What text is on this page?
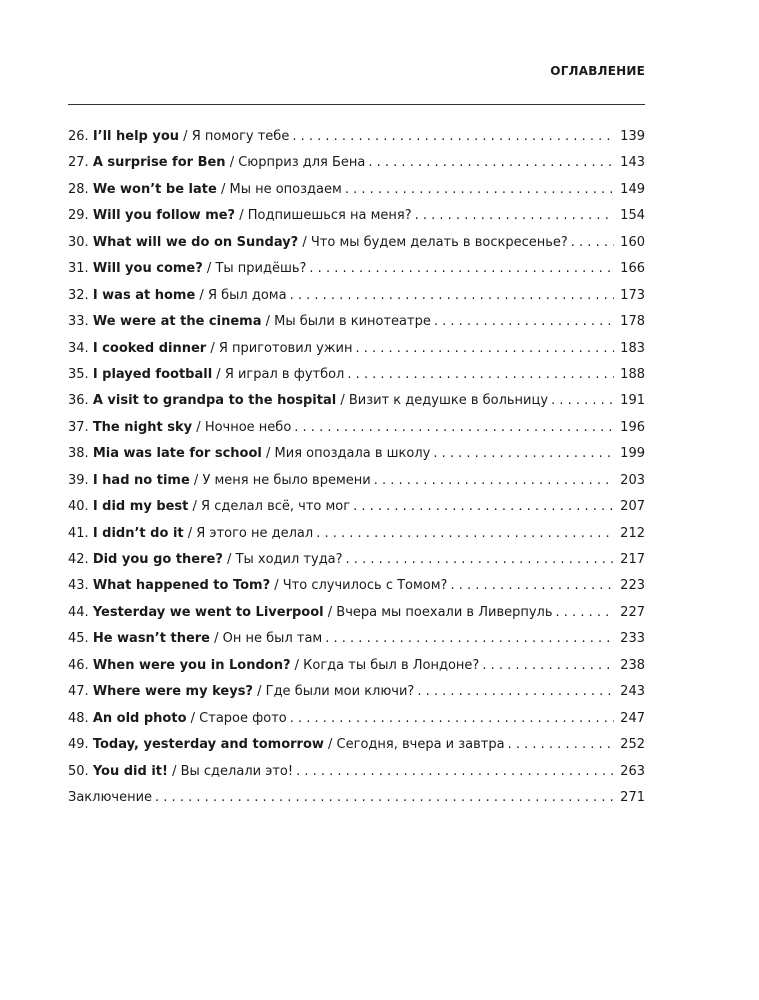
ОГЛАВЛЕНИЕ
26. I’ll help you / Я помогу тебе . . .	139
27. A surprise for Ben / Сюрприз для Бена . . .	143
28. We won’t be late / Мы не опоздаем . . .	149
29. Will you follow me? / Подпишешься на меня? . . .	154
30. What will we do on Sunday? / Что мы будем делать в воскресенье? . . .	160
31. Will you come? / Ты придёшь? . . .	166
32. I was at home / Я был дома . . .	173
33. We were at the cinema / Мы были в кинотеатре . . .	178
34. I cooked dinner / Я приготовил ужин . . .	183
35. I played football / Я играл в футбол . . .	188
36. A visit to grandpa to the hospital / Визит к дедушке в больницу . . .	191
37. The night sky / Ночное небо . . .	196
38. Mia was late for school / Мия опоздала в школу . . .	199
39. I had no time / У меня не было времени . . .	203
40. I did my best / Я сделал всё, что мог . . .	207
41. I didn’t do it / Я этого не делал . . .	212
42. Did you go there? / Ты ходил туда? . . .	217
43. What happened to Tom? / Что случилось с Томом? . . .	223
44. Yesterday we went to Liverpool / Вчера мы поехали в Ливерпуль . . .	227
45. He wasn’t there / Он не был там . . .	233
46. When were you in London? / Когда ты был в Лондоне? . . .	238
47. Where were my keys? / Где были мои ключи? . . .	243
48. An old photo / Старое фото . . .	247
49. Today, yesterday and tomorrow / Сегодня, вчера и завтра . . .	252
50. You did it! / Вы сделали это! . . .	263
Заключение . . .	271
